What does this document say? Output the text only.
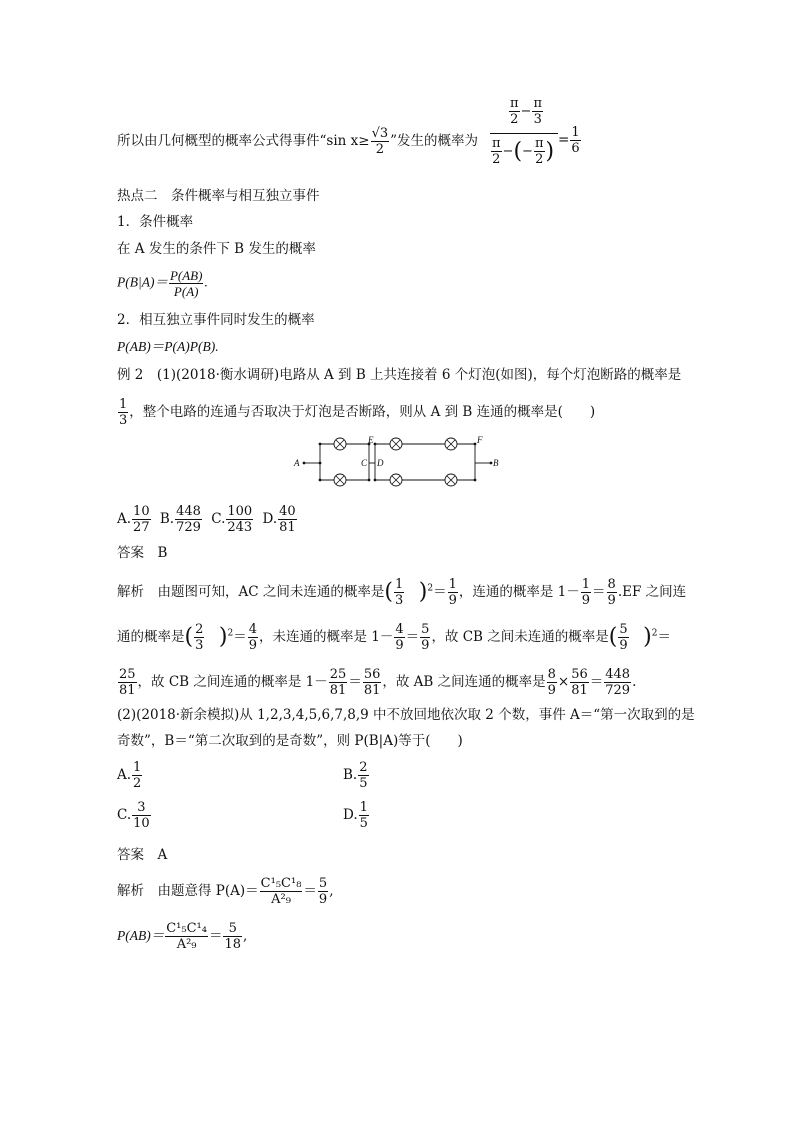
所以由几何概型的概率公式得事件“sin $x\ge \frac{√3}{2}$ ”发生的概率为
$\frac{\pi}{2} - \frac{\pi}{3}$
$\frac{\pi}{2}$ −(− $\frac{\pi}{2}$ ) = $\frac{1}{6}$
热点二　条件概率与相互独立事件
1．条件概率
在 A 发生的条件下 B 发生的概率
$P(B|A)= \frac{P(AB)}{P(A)}$ .
2．相互独立事件同时发生的概率
P(AB)＝P(A)P(B).
例 2　 (1)(2018·衡水调研)电路从 A 到 B 上共连接着 6 个灯泡(如图)，每个灯泡断路的概率是
$\frac{1}{3}$ ，整个电路的连通与否取决于灯泡是否断路，则从 A 到 B 连通的概率是(　　)
A	C D
E	F
B
A. $\frac{10}{27} B$. $\frac{448}{729} C$. $\frac{100}{243} D$. $\frac{40}{81}$
答案　 B
解析　 由题图可知，AC 之间未连通的概率是( $\frac{1}{3}$
　 )$^2= \frac{1}{9}$ ，连通的概率是 $1- \frac{1}{9} = \frac{8}{9} .EF$ 之间连
通的概率是( $\frac{2}{3}$
　 )$^2= \frac{4}{9}$ ，未连通的概率是 $1- \frac{4}{9} = \frac{5}{9}$ ，故 CB 之间未连通的概率是( $\frac{5}{9}$
　 )$^2$＝
$\frac{25}{81}$ ，故 CB 之间连通的概率是 $1- \frac{25}{81} = \frac{56}{81}$ ，故 AB 之间连通的概率是 $\frac{8}{9} \times \frac{56}{81} = \frac{448}{729}$ .
(2)(2018·新余模拟)从 1,2,3,4,5,6,7,8,9 中不放回地依次取 2 个数，事件 A＝“第一次取到的是
奇数”，B＝“第二次取到的是奇数”，则 P(B|A)等于(　　)
A. $\frac{1}{2}$	B. $\frac{2}{5}$
C. $\frac{3}{10}$	D. $\frac{1}{5}$
答案　 A
解析　 由题意得 $P(A)= \frac{\text{C¹₅C¹₈}}{\text{A²₉}} = \frac{5}{9}$ ,
$P(AB)= \frac{\text{C¹₅C¹₄}}{\text{A²₉}} = \frac{5}{18}$ ,
